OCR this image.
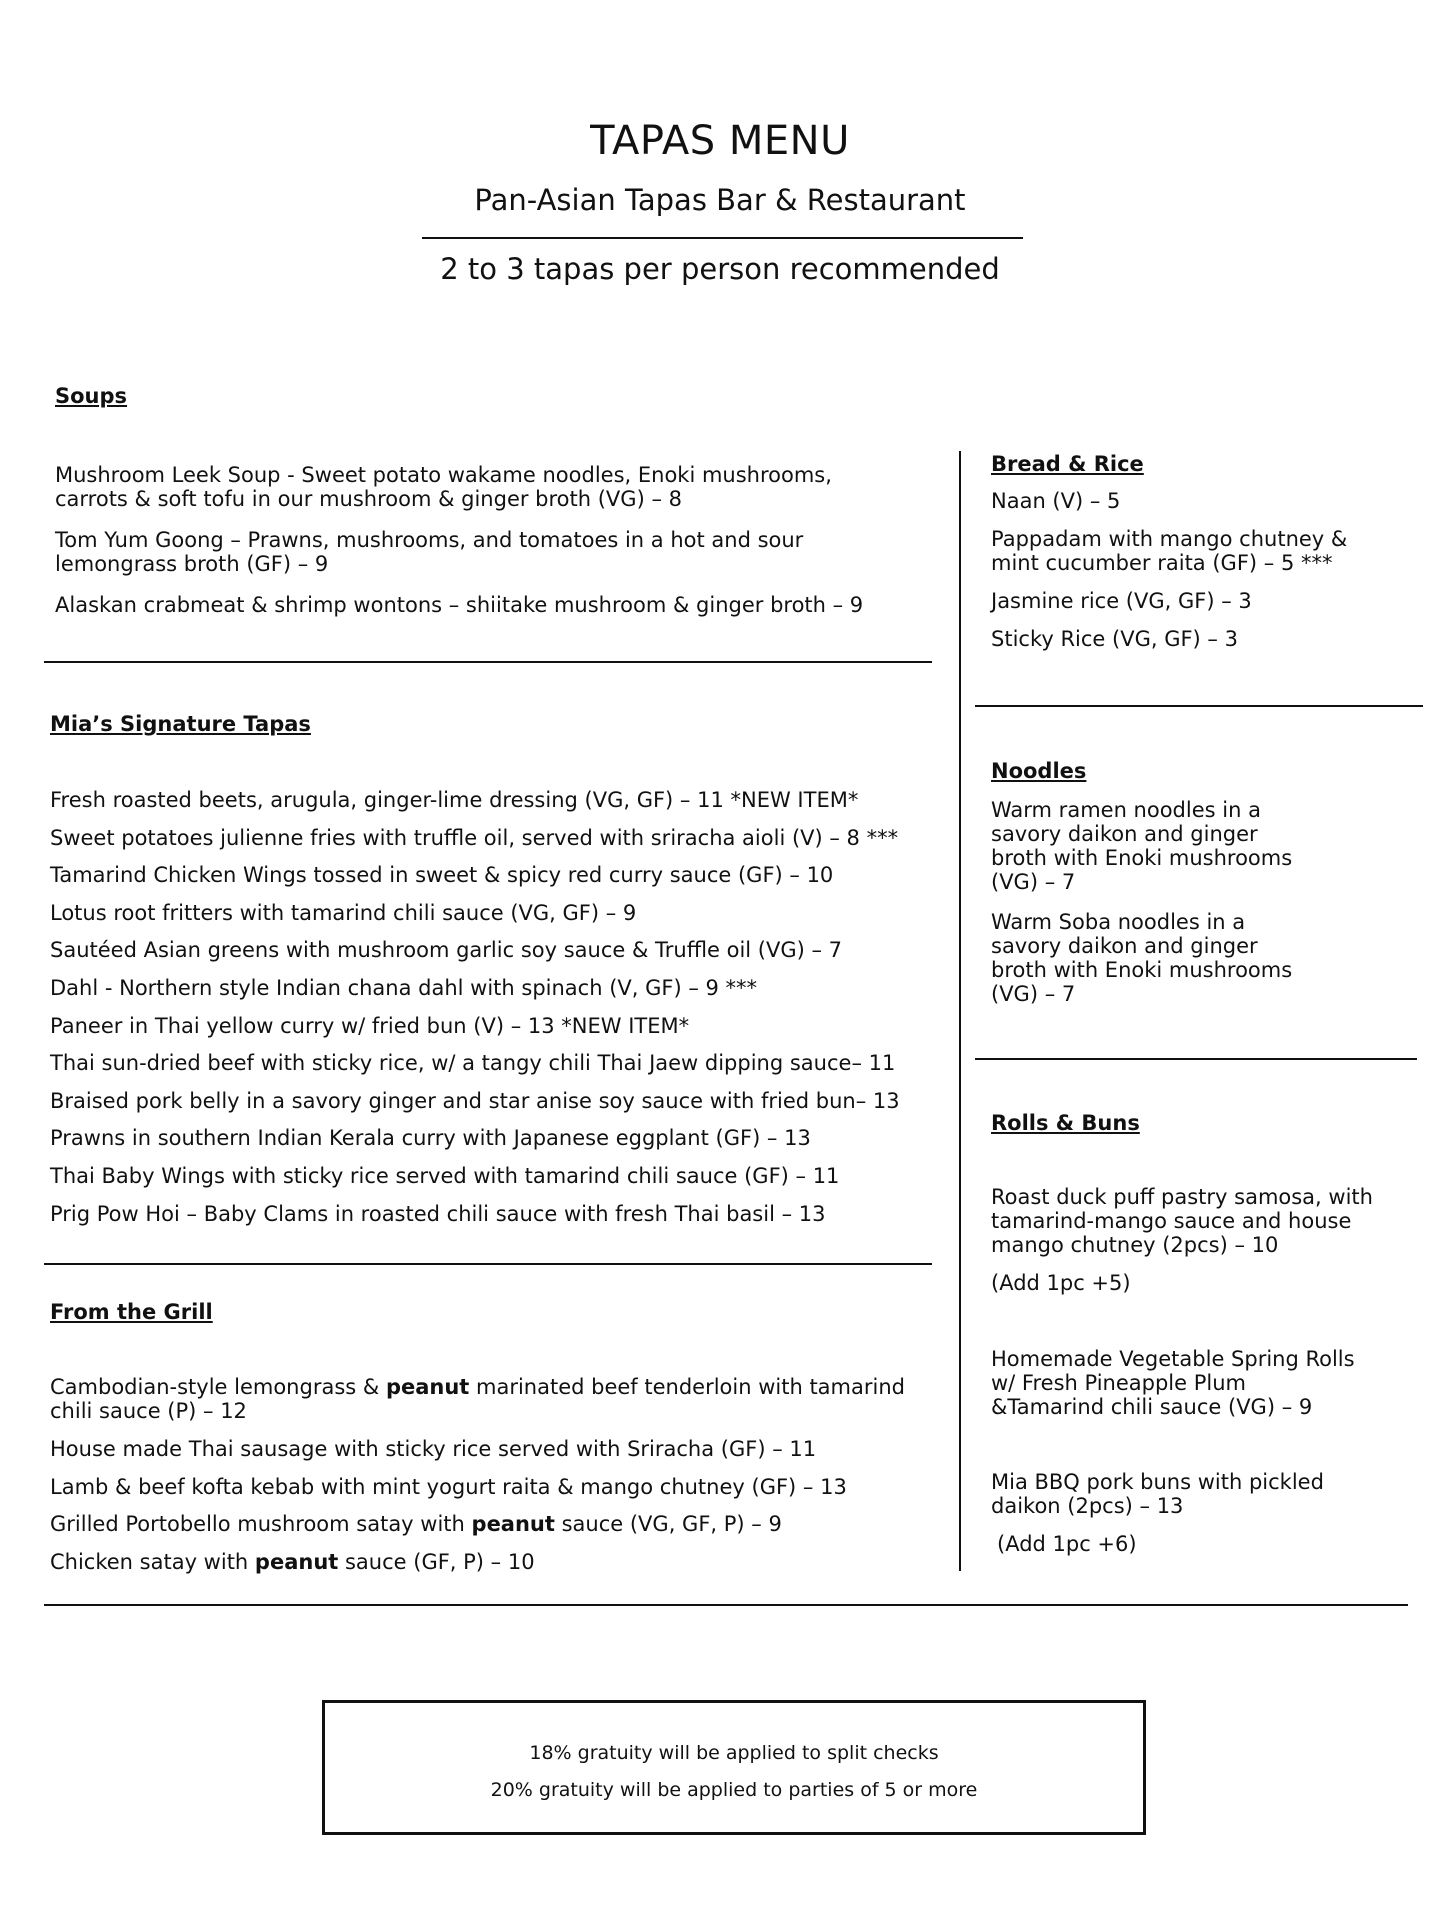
TAPAS MENU
Pan-Asian Tapas Bar & Restaurant
2 to 3 tapas per person recommended
Soups

Mushroom Leek Soup - Sweet potato wakame noodles, Enoki mushrooms,

carrots & soft tofu in our mushroom & ginger broth (VG) – 8

Tom Yum Goong – Prawns, mushrooms, and tomatoes in a hot and sour

lemongrass broth (GF) – 9

Alaskan crabmeat & shrimp wontons – shiitake mushroom & ginger broth – 9

Mia’s Signature Tapas

Fresh roasted beets, arugula, ginger-lime dressing (VG, GF) – 11 *NEW ITEM*

Sweet potatoes julienne fries with truffle oil, served with sriracha aioli (V) – 8 ***

Tamarind Chicken Wings tossed in sweet & spicy red curry sauce (GF) – 10

Lotus root fritters with tamarind chili sauce (VG, GF) – 9

Sautéed Asian greens with mushroom garlic soy sauce & Truffle oil (VG) – 7

Dahl - Northern style Indian chana dahl with spinach (V, GF) – 9 ***

Paneer in Thai yellow curry w/ fried bun (V) – 13 *NEW ITEM*

Thai sun-dried beef with sticky rice, w/ a tangy chili Thai Jaew dipping sauce– 11

Braised pork belly in a savory ginger and star anise soy sauce with fried bun– 13

Prawns in southern Indian Kerala curry with Japanese eggplant (GF) – 13

Thai Baby Wings with sticky rice served with tamarind chili sauce (GF) – 11

Prig Pow Hoi – Baby Clams in roasted chili sauce with fresh Thai basil – 13

From the Grill

Cambodian-style lemongrass & peanut marinated beef tenderloin with tamarind

chili sauce (P) – 12

House made Thai sausage with sticky rice served with Sriracha (GF) – 11

Lamb & beef kofta kebab with mint yogurt raita & mango chutney (GF) – 13

Grilled Portobello mushroom satay with peanut sauce (VG, GF, P) – 9

Chicken satay with peanut sauce (GF, P) – 10

Bread & Rice

Naan (V) – 5

Pappadam with mango chutney &

mint cucumber raita (GF) – 5 ***

Jasmine rice (VG, GF) – 3

Sticky Rice (VG, GF) – 3

Noodles

Warm ramen noodles in a

savory daikon and ginger

broth with Enoki mushrooms

(VG) – 7

Warm Soba noodles in a

savory daikon and ginger

broth with Enoki mushrooms

(VG) – 7

Rolls & Buns

Roast duck puff pastry samosa, with

tamarind-mango sauce and house

mango chutney (2pcs) – 10

(Add 1pc +5)

Homemade Vegetable Spring Rolls

w/ Fresh Pineapple Plum

&Tamarind chili sauce (VG) – 9

Mia BBQ pork buns with pickled

daikon (2pcs) – 13

(Add 1pc +6)

18% gratuity will be applied to split checks
20% gratuity will be applied to parties of 5 or more
